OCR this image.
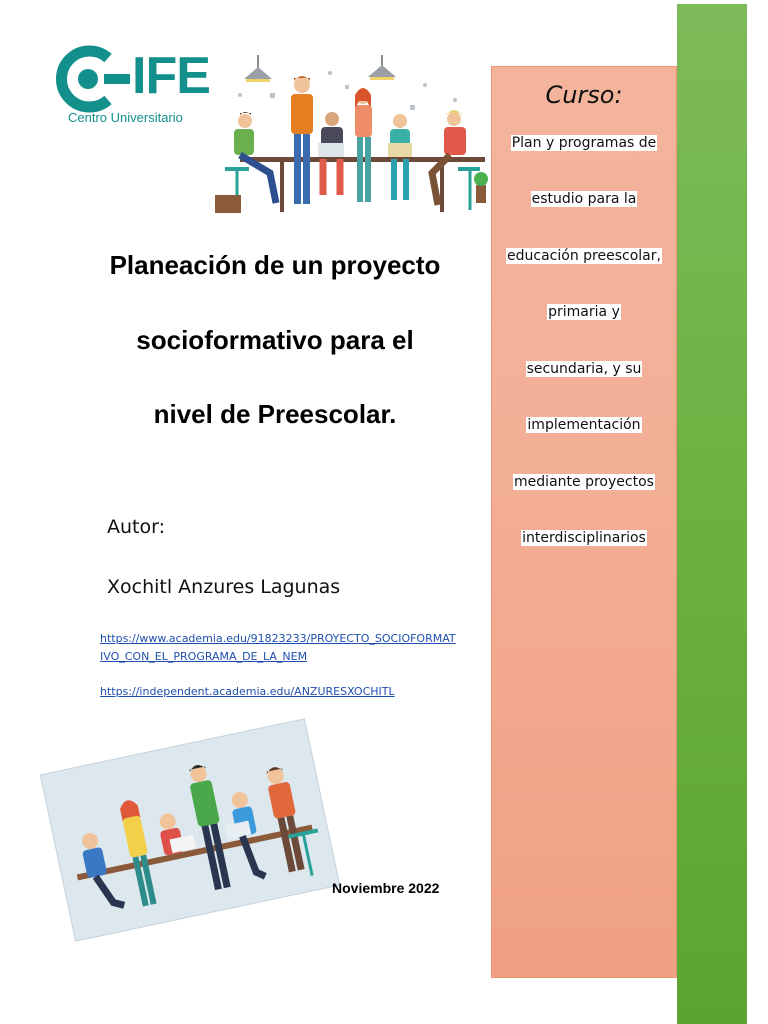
Curso:
Plan y programas de
estudio para la
educación preescolar,
primaria y
secundaria, y su
implementación
mediante proyectos
interdisciplinarios
IFE
Centro Universitario
Planeación de un proyecto
socioformativo para el
nivel de Preescolar.
Autor:
Xochitl Anzures Lagunas
https://www.academia.edu/91823233/PROYECTO_SOCIOFORMAT
IVO_CON_EL_PROGRAMA_DE_LA_NEM
https://independent.academia.edu/ANZURESXOCHITL
Noviembre 2022
